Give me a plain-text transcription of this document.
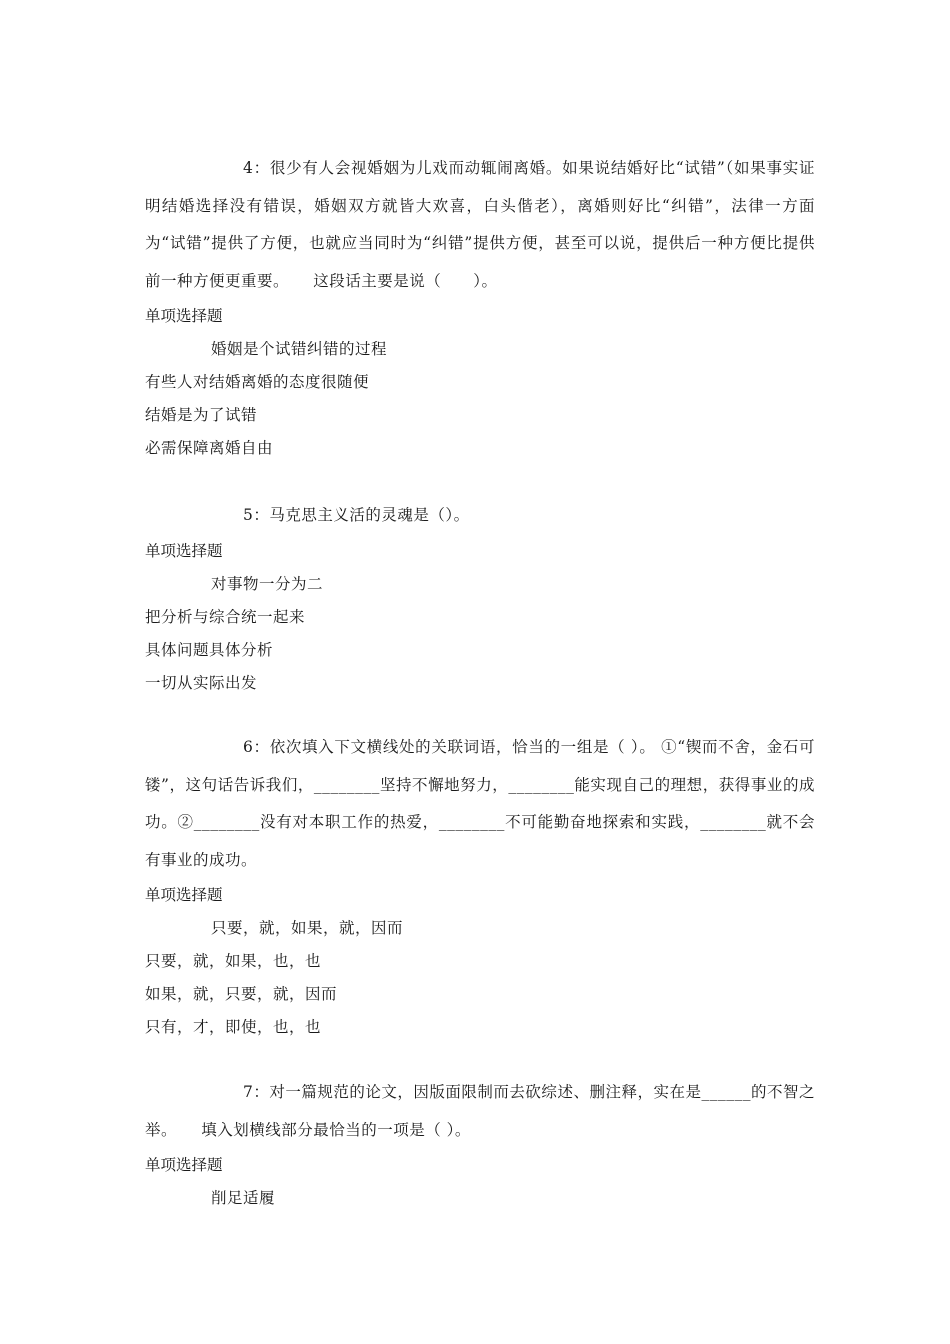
4：很少有人会视婚姻为儿戏而动辄闹离婚。如果说结婚好比“试错”（如果事实证明结婚选择没有错误，婚姻双方就皆大欢喜，白头偕老），离婚则好比“纠错”，法律一方面为“试错”提供了方便，也就应当同时为“纠错”提供方便，甚至可以说，提供后一种方便比提供前一种方便更重要。　　这段话主要是说（　　）。

单项选择题

婚姻是个试错纠错的过程

有些人对结婚离婚的态度很随便

结婚是为了试错

必需保障离婚自由

5：马克思主义活的灵魂是（）。

单项选择题

对事物一分为二

把分析与综合统一起来

具体问题具体分析

一切从实际出发

6：依次填入下文横线处的关联词语，恰当的一组是（ ）。 ①“锲而不舍，金石可镂”，这句话告诉我们，________坚持不懈地努力，________能实现自己的理想，获得事业的成功。②________没有对本职工作的热爱，________不可能勤奋地探索和实践，________就不会有事业的成功。

单项选择题

只要，就，如果，就，因而

只要，就，如果，也，也

如果，就，只要，就，因而

只有，才，即使，也，也

7：对一篇规范的论文，因版面限制而去砍综述、删注释，实在是______的不智之举。　　填入划横线部分最恰当的一项是（ ）。

单项选择题

削足适履
